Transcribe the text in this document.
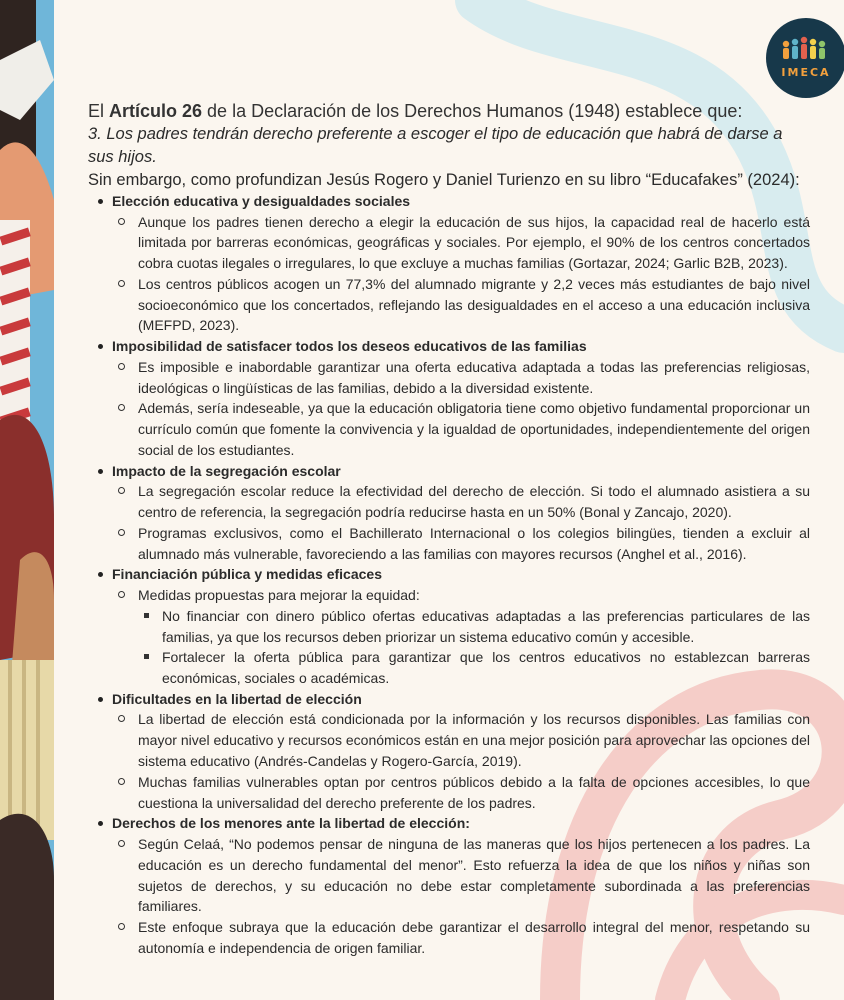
IMECA
El Artículo 26 de la Declaración de los Derechos Humanos (1948) establece que:
3. Los padres tendrán derecho preferente a escoger el tipo de educación que habrá de darse a sus hijos.
Sin embargo, como profundizan Jesús Rogero y Daniel Turienzo en su libro “Educafakes” (2024):
Elección educativa y desigualdades sociales
Aunque los padres tienen derecho a elegir la educación de sus hijos, la capacidad real de hacerlo está limitada por barreras económicas, geográficas y sociales. Por ejemplo, el 90% de los centros concertados cobra cuotas ilegales o irregulares, lo que excluye a muchas familias (Gortazar, 2024; Garlic B2B, 2023).
Los centros públicos acogen un 77,3% del alumnado migrante y 2,2 veces más estudiantes de bajo nivel socioeconómico que los concertados, reflejando las desigualdades en el acceso a una educación inclusiva (MEFPD, 2023).
Imposibilidad de satisfacer todos los deseos educativos de las familias
Es imposible e inabordable garantizar una oferta educativa adaptada a todas las preferencias religiosas, ideológicas o lingüísticas de las familias, debido a la diversidad existente.
Además, sería indeseable, ya que la educación obligatoria tiene como objetivo fundamental proporcionar un currículo común que fomente la convivencia y la igualdad de oportunidades, independientemente del origen social de los estudiantes.
Impacto de la segregación escolar
La segregación escolar reduce la efectividad del derecho de elección. Si todo el alumnado asistiera a su centro de referencia, la segregación podría reducirse hasta en un 50% (Bonal y Zancajo, 2020).
Programas exclusivos, como el Bachillerato Internacional o los colegios bilingües, tienden a excluir al alumnado más vulnerable, favoreciendo a las familias con mayores recursos (Anghel et al., 2016).
Financiación pública y medidas eficaces
Medidas propuestas para mejorar la equidad:
No financiar con dinero público ofertas educativas adaptadas a las preferencias particulares de las familias, ya que los recursos deben priorizar un sistema educativo común y accesible.
Fortalecer la oferta pública para garantizar que los centros educativos no establezcan barreras económicas, sociales o académicas.
Dificultades en la libertad de elección
La libertad de elección está condicionada por la información y los recursos disponibles. Las familias con mayor nivel educativo y recursos económicos están en una mejor posición para aprovechar las opciones del sistema educativo (Andrés-Candelas y Rogero-García, 2019).
Muchas familias vulnerables optan por centros públicos debido a la falta de opciones accesibles, lo que cuestiona la universalidad del derecho preferente de los padres.
Derechos de los menores ante la libertad de elección:
Según Celaá, “No podemos pensar de ninguna de las maneras que los hijos pertenecen a los padres. La educación es un derecho fundamental del menor”. Esto refuerza la idea de que los niños y niñas son sujetos de derechos, y su educación no debe estar completamente subordinada a las preferencias familiares.
Este enfoque subraya que la educación debe garantizar el desarrollo integral del menor, respetando su autonomía e independencia de origen familiar.
